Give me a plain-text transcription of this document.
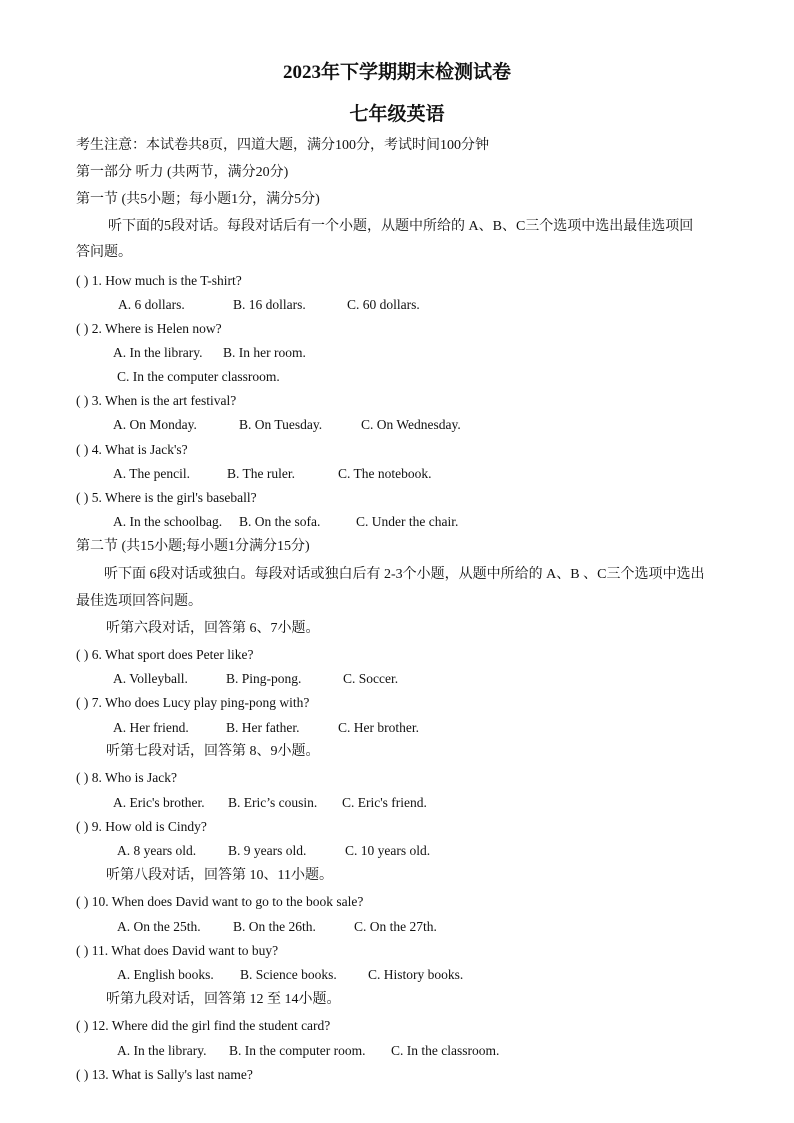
2023年下学期期末检测试卷
七年级英语
考生注意：本试卷共8页，四道大题，满分100分，考试时间100分钟
第一部分 听力 (共两节，满分20分)
第一节 (共5小题；每小题1分，满分5分)
听下面的5段对话。每段对话后有一个小题，从题中所给的 A、B、C三个选项中选出最佳选项回
答问题。
( ) 1. How much is the T-shirt?
A. 6 dollars.	B. 16 dollars.	C. 60 dollars.
( ) 2. Where is Helen now?
A. In the library. B. In her room.
C. In the computer classroom.
( ) 3. When is the art festival?
A. On Monday.	B. On Tuesday.	C. On Wednesday.
( ) 4. What is Jack's?
A. The pencil.	B. The ruler.	C. The notebook.
( ) 5. Where is the girl's baseball?
A. In the schoolbag. B. On the sofa.	C. Under the chair.
第二节 (共15小题;每小题1分满分15分)
听下面 6段对话或独白。每段对话或独白后有 2-3个小题，从题中所给的 A、B 、C三个选项中选出
最佳选项回答问题。
听第六段对话，回答第 6、7小题。
( ) 6. What sport does Peter like?
A. Volleyball.	B. Ping-pong.	C. Soccer.
( ) 7. Who does Lucy play ping-pong with?
A. Her friend.	B. Her father.	C. Her brother.
听第七段对话，回答第 8、9小题。
( ) 8. Who is Jack?
A. Eric's brother. B. Eric’s cousin. C. Eric's friend.
( ) 9. How old is Cindy?
A. 8 years old. B. 9 years old.	C. 10 years old.
听第八段对话，回答第 10、11小题。
( ) 10. When does David want to go to the book sale?
A. On the 25th. B. On the 26th.	C. On the 27th.
( ) 11. What does David want to buy?
A. English books. B. Science books. C. History books.
听第九段对话，回答第 12 至 14小题。
( ) 12. Where did the girl find the student card?
A. In the library. B. In the computer room. C. In the classroom.
( ) 13. What is Sally's last name?
